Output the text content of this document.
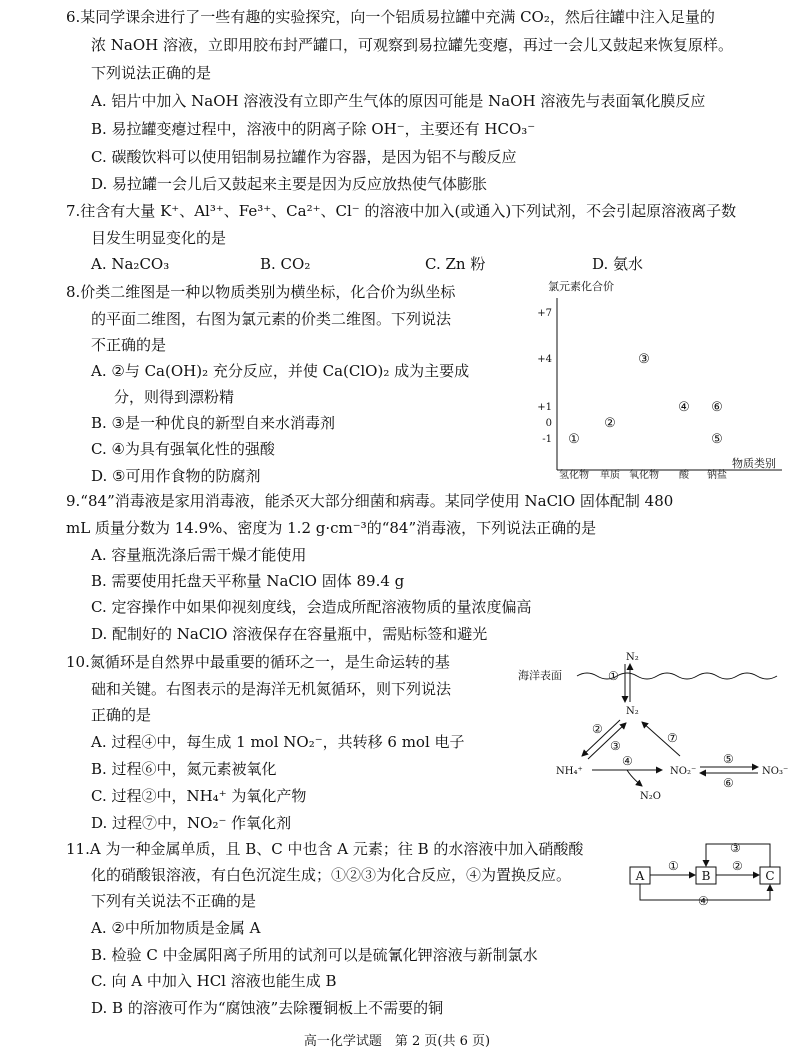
6.某同学课余进行了一些有趣的实验探究，向一个铝质易拉罐中充满 CO₂，然后往罐中注入足量的
浓 NaOH 溶液，立即用胶布封严罐口，可观察到易拉罐先变瘪，再过一会儿又鼓起来恢复原样。
下列说法正确的是
A. 铝片中加入 NaOH 溶液没有立即产生气体的原因可能是 NaOH 溶液先与表面氧化膜反应
B. 易拉罐变瘪过程中，溶液中的阴离子除 OH⁻，主要还有 HCO₃⁻
C. 碳酸饮料可以使用铝制易拉罐作为容器，是因为铝不与酸反应
D. 易拉罐一会儿后又鼓起来主要是因为反应放热使气体膨胀
7.往含有大量 K⁺、Al³⁺、Fe³⁺、Ca²⁺、Cl⁻ 的溶液中加入(或通入)下列试剂，不会引起原溶液离子数
目发生明显变化的是
A. Na₂CO₃	B. CO₂	C. Zn 粉	D. 氨水
8.价类二维图是一种以物质类别为横坐标，化合价为纵坐标
的平面二维图，右图为氯元素的价类二维图。下列说法
不正确的是
A. ②与 Ca(OH)₂ 充分反应，并使 Ca(ClO)₂ 成为主要成
分，则得到漂粉精
B. ③是一种优良的新型自来水消毒剂
C. ④为具有强氧化性的强酸
D. ⑤可用作食物的防腐剂
氯元素化合价
+7
+4
+1
0
-1
氢化物 单质 氧化物 酸 钠盐
①
②
③
④ ⑥
⑤
物质类别
9.“84”消毒液是家用消毒液，能杀灭大部分细菌和病毒。某同学使用 NaClO 固体配制 480
mL 质量分数为 14.9%、密度为 1.2 g·cm⁻³的“84”消毒液，下列说法正确的是
A. 容量瓶洗涤后需干燥才能使用
B. 需要使用托盘天平称量 NaClO 固体 89.4 g
C. 定容操作中如果仰视刻度线，会造成所配溶液物质的量浓度偏高
D. 配制好的 NaClO 溶液保存在容量瓶中，需贴标签和避光
10.氮循环是自然界中最重要的循环之一，是生命运转的基
础和关键。右图表示的是海洋无机氮循环，则下列说法
正确的是
A. 过程④中，每生成 1 mol NO₂⁻，共转移 6 mol 电子
B. 过程⑥中，氮元素被氧化
C. 过程②中，NH₄⁺ 为氧化产物
D. 过程⑦中，NO₂⁻ 作氧化剂
海洋表面
N₂
①
N₂
②
③
⑦
NH₄⁺
④
N₂O
NO₂⁻
⑤
⑥
NO₃⁻
11.A 为一种金属单质，且 B、C 中也含 A 元素；往 B 的水溶液中加入硝酸酸
化的硝酸银溶液，有白色沉淀生成；①②③为化合反应，④为置换反应。
下列有关说法不正确的是
A. ②中所加物质是金属 A
B. 检验 C 中金属阳离子所用的试剂可以是硫氰化钾溶液与新制氯水
C. 向 A 中加入 HCl 溶液也能生成 B
D. B 的溶液可作为“腐蚀液”去除覆铜板上不需要的铜
A	B	C
①	②
③
④
高一化学试题　第 2 页(共 6 页)
